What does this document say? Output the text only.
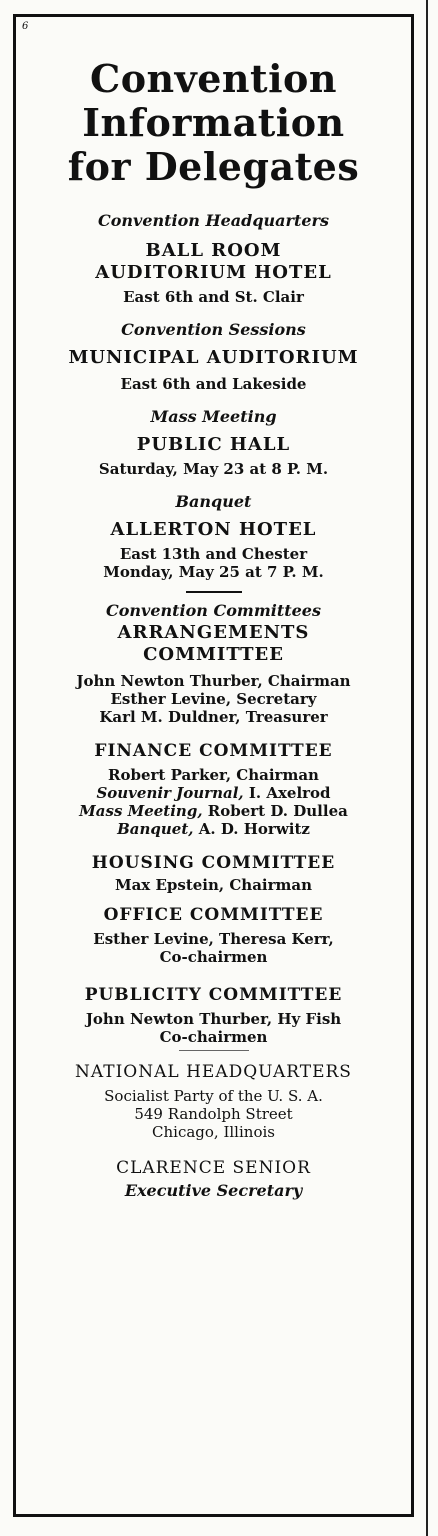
6
Convention
Information
for Delegates
Convention Headquarters
BALL ROOM
AUDITORIUM HOTEL
East 6th and St. Clair
Convention Sessions
MUNICIPAL AUDITORIUM
East 6th and Lakeside
Mass Meeting
PUBLIC HALL
Saturday, May 23 at 8 P. M.
Banquet
ALLERTON HOTEL
East 13th and Chester
Monday, May 25 at 7 P. M.
Convention Committees
ARRANGEMENTS
COMMITTEE
John Newton Thurber, Chairman
Esther Levine, Secretary
Karl M. Duldner, Treasurer
FINANCE COMMITTEE
Robert Parker, Chairman
Souvenir Journal, I. Axelrod
Mass Meeting, Robert D. Dullea
Banquet, A. D. Horwitz
HOUSING COMMITTEE
Max Epstein, Chairman
OFFICE COMMITTEE
Esther Levine, Theresa Kerr,
Co-chairmen
PUBLICITY COMMITTEE
John Newton Thurber, Hy Fish
Co-chairmen
NATIONAL HEADQUARTERS
Socialist Party of the U. S. A.
549 Randolph Street
Chicago, Illinois
CLARENCE SENIOR
Executive Secretary
